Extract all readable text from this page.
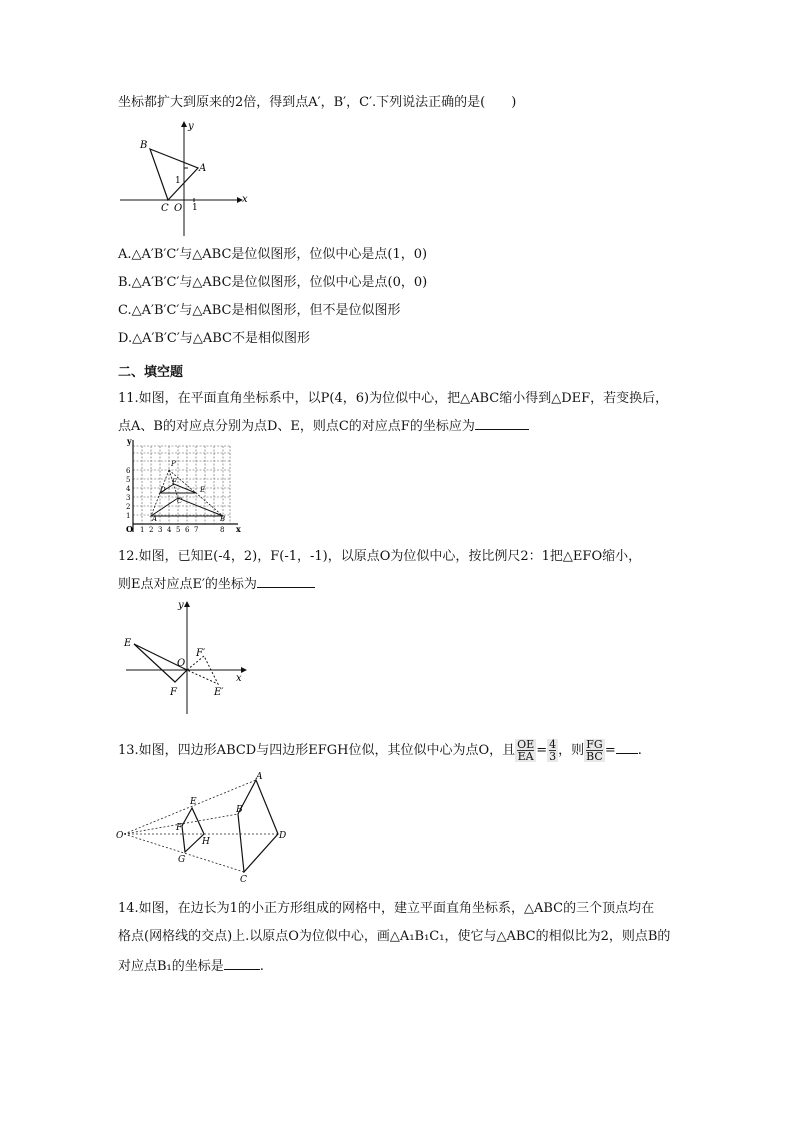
坐标都扩大到原来的2倍，得到点A′，B′，C′.下列说法正确的是(　　)
y
x
B
A
C O 1
1
A.△A′B′C′与△ABC是位似图形，位似中心是点(1，0)
B.△A′B′C′与△ABC是位似图形，位似中心是点(0，0)
C.△A′B′C′与△ABC是相似图形，但不是位似图形
D.△A′B′C′与△ABC不是相似图形
二、填空题
11.如图，在平面直角坐标系中，以P(4，6)为位似中心，把△ABC缩小得到△DEF，若变换后，
点A、B的对应点分别为点D、E，则点C的对应点F的坐标应为
y
x
O
1
2
3
4
5
6
1 2 3 4 5 6 7	8
P
D	E
F
C
A	B
12.如图，已知E(-4，2)，F(-1，-1)，以原点O为位似中心，按比例尺2：1把△EFO缩小，
则E点对应点E′的坐标为
y
x
E
F
O
F′
E′
13.如图，四边形ABCD与四边形EFGH位似，其位似中心为点O，且 $\frac{OE}{EA} = \frac{4}{3}$ ，则 $\frac{FG}{BC}$ = .
O
A
B
C
D
E
F
G
H
14.如图，在边长为1的小正方形组成的网格中，建立平面直角坐标系，△ABC的三个顶点均在
格点(网格线的交点)上.以原点O为位似中心，画△A₁B₁C₁，使它与△ABC的相似比为2，则点B的
对应点B₁的坐标是	.
